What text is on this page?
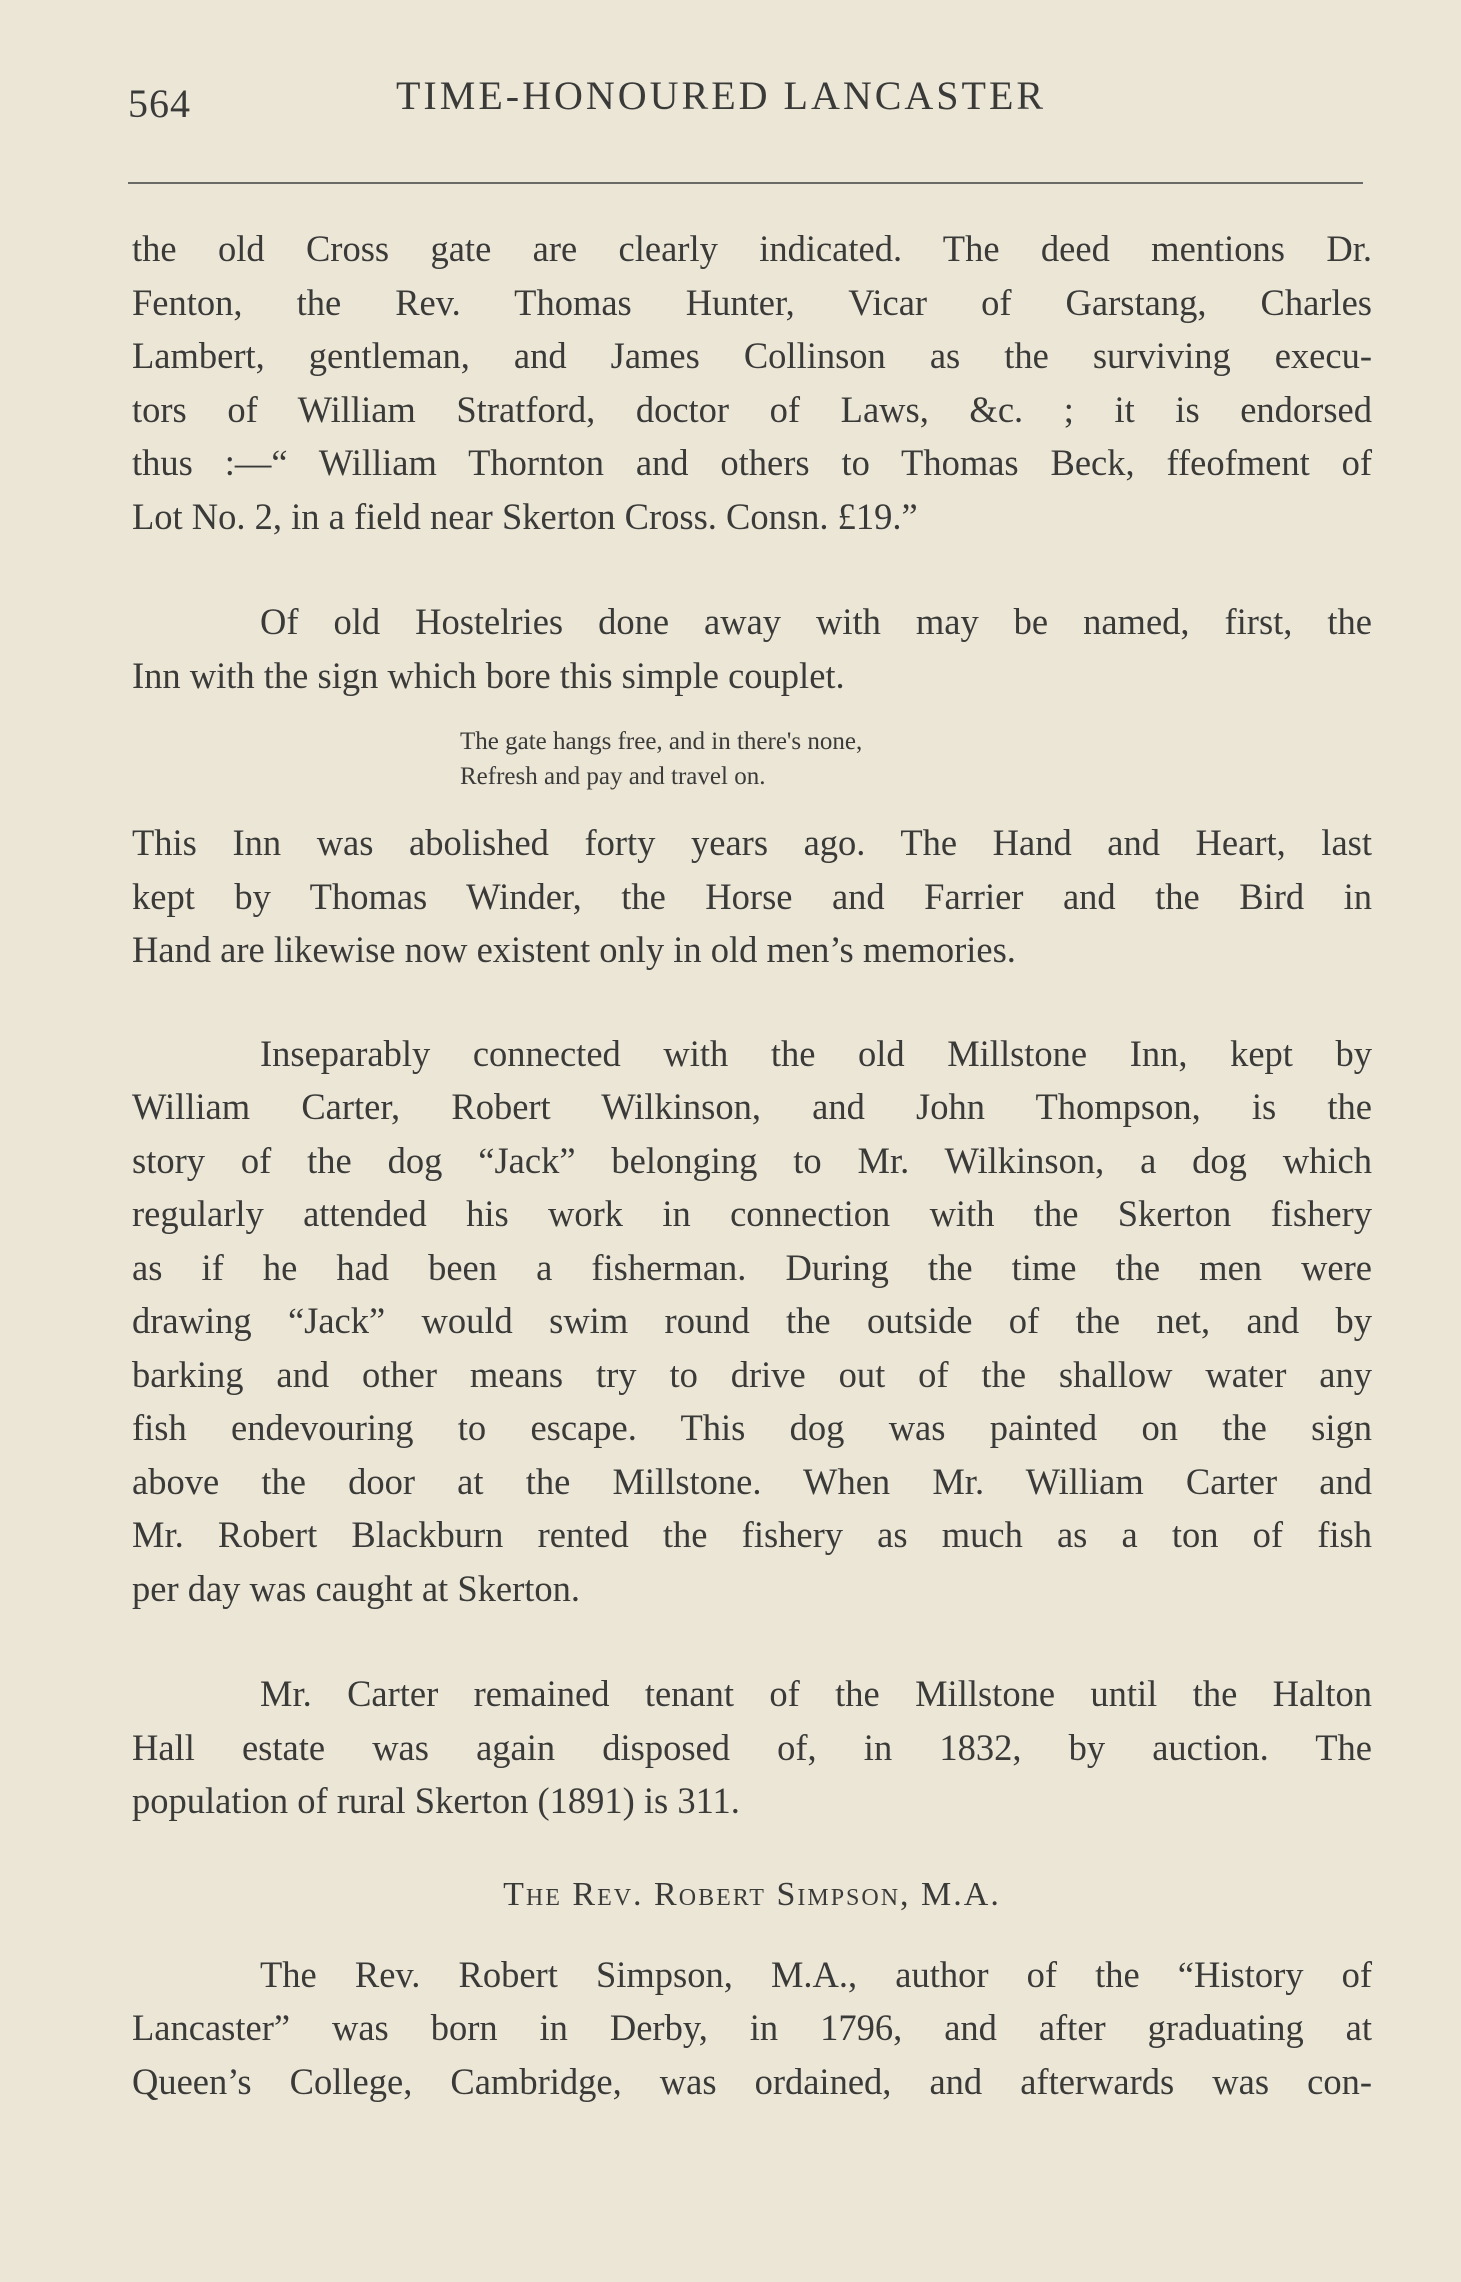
564	TIME-HONOURED LANCASTER

the old Cross gate are clearly indicated. The deed mentions Dr.
Fenton, the Rev. Thomas Hunter, Vicar of Garstang, Charles
Lambert, gentleman, and James Collinson as the surviving execu-
tors of William Stratford, doctor of Laws, &c. ; it is endorsed
thus :—“ William Thornton and others to Thomas Beck, ffeofment of
Lot No. 2, in a field near Skerton Cross. Consn. £19.”

Of old Hostelries done away with may be named, first, the
Inn with the sign which bore this simple couplet.

The gate hangs free, and in there's none,
Refresh and pay and travel on.

This Inn was abolished forty years ago. The Hand and Heart, last
kept by Thomas Winder, the Horse and Farrier and the Bird in
Hand are likewise now existent only in old men’s memories.

Inseparably connected with the old Millstone Inn, kept by
William Carter, Robert Wilkinson, and John Thompson, is the
story of the dog “Jack” belonging to Mr. Wilkinson, a dog which
regularly attended his work in connection with the Skerton fishery
as if he had been a fisherman. During the time the men were
drawing “Jack” would swim round the outside of the net, and by
barking and other means try to drive out of the shallow water any
fish endevouring to escape. This dog was painted on the sign
above the door at the Millstone. When Mr. William Carter and
Mr. Robert Blackburn rented the fishery as much as a ton of fish
per day was caught at Skerton.

Mr. Carter remained tenant of the Millstone until the Halton
Hall estate was again disposed of, in 1832, by auction. The
population of rural Skerton (1891) is 311.

The Rev. Robert Simpson, M.A.

The Rev. Robert Simpson, M.A., author of the “History of
Lancaster” was born in Derby, in 1796, and after graduating at
Queen’s College, Cambridge, was ordained, and afterwards was con-
